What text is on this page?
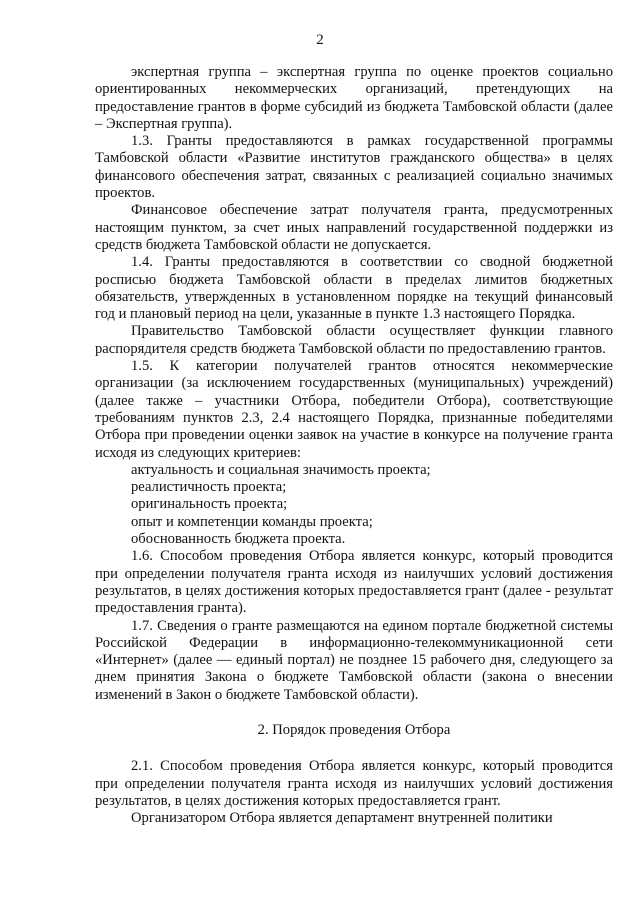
2

экспертная группа – экспертная группа по оценке проектов социально ориентированных некоммерческих организаций, претендующих на предоставление грантов в форме субсидий из бюджета Тамбовской области (далее – Экспертная группа).

1.3. Гранты предоставляются в рамках государственной программы Тамбовской области «Развитие институтов гражданского общества» в целях финансового обеспечения затрат, связанных с реализацией социально значимых проектов.

Финансовое обеспечение затрат получателя гранта, предусмотренных настоящим пунктом, за счет иных направлений государственной поддержки из средств бюджета Тамбовской области не допускается.

1.4. Гранты предоставляются в соответствии со сводной бюджетной росписью бюджета Тамбовской области в пределах лимитов бюджетных обязательств, утвержденных в установленном порядке на текущий финансовый год и плановый период на цели, указанные в пункте 1.3 настоящего Порядка.

Правительство Тамбовской области осуществляет функции главного распорядителя средств бюджета Тамбовской области по предоставлению грантов.

1.5. К категории получателей грантов относятся некоммерческие организации (за исключением государственных (муниципальных) учреждений) (далее также – участники Отбора, победители Отбора), соответствующие требованиям пунктов 2.3, 2.4 настоящего Порядка, признанные победителями Отбора при проведении оценки заявок на участие в конкурсе на получение гранта исходя из следующих критериев:

актуальность и социальная значимость проекта;

реалистичность проекта;

оригинальность проекта;

опыт и компетенции команды проекта;

обоснованность бюджета проекта.

1.6. Способом проведения Отбора является конкурс, который проводится при определении получателя гранта исходя из наилучших условий достижения результатов, в целях достижения которых предоставляется грант (далее - результат предоставления гранта).

1.7. Сведения о гранте размещаются на едином портале бюджетной системы Российской Федерации в информационно-телекоммуникационной сети «Интернет» (далее — единый портал) не позднее 15 рабочего дня, следующего за днем принятия Закона о бюджете Тамбовской области (закона о внесении изменений в Закон о бюджете Тамбовской области).

2. Порядок проведения Отбора

2.1. Способом проведения Отбора является конкурс, который проводится при определении получателя гранта исходя из наилучших условий достижения результатов, в целях достижения которых предоставляется грант.

Организатором Отбора является департамент внутренней политики
